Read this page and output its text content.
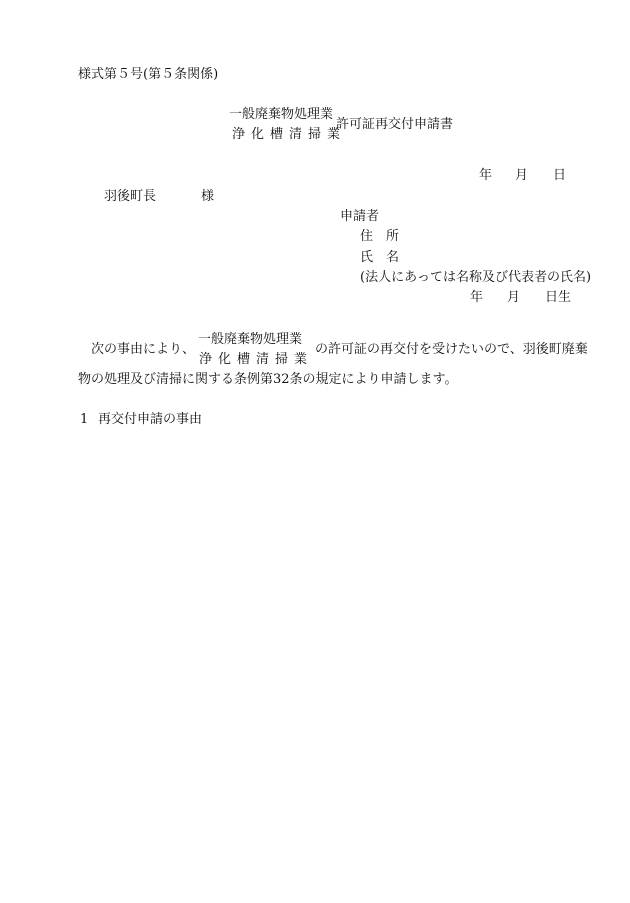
様式第５号(第５条関係)
一般廃棄物処理業
浄化槽清掃業
許可証再交付申請書
年 月 日
羽後町長	様
申請者
住　所
氏　名
(法人にあっては名称及び代表者の氏名)
年 月 日生
次の事由により、
一般廃棄物処理業
浄化槽清掃業
の許可証の再交付を受けたいので、羽後町廃棄
物の処理及び清掃に関する条例第32条の規定により申請します。
1 再交付申請の事由
